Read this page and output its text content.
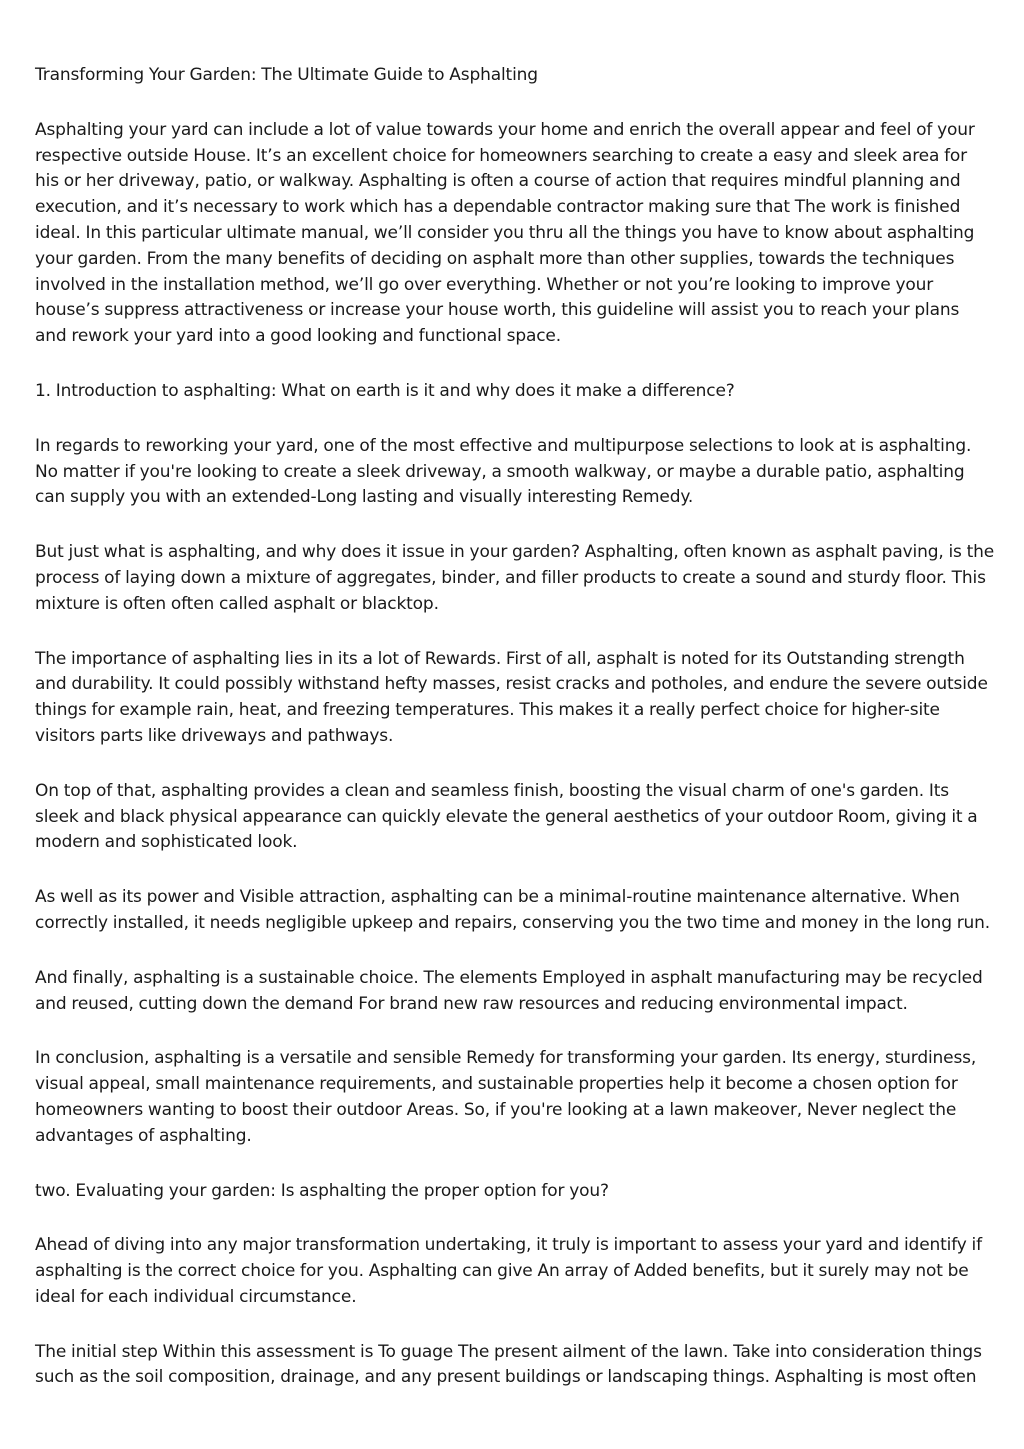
Transforming Your Garden: The Ultimate Guide to Asphalting

Asphalting your yard can include a lot of value towards your home and enrich the overall appear and feel of your respective outside House. It’s an excellent choice for homeowners searching to create a easy and sleek area for his or her driveway, patio, or walkway. Asphalting is often a course of action that requires mindful planning and execution, and it’s necessary to work which has a dependable contractor making sure that The work is finished ideal. In this particular ultimate manual, we’ll consider you thru all the things you have to know about asphalting your garden. From the many benefits of deciding on asphalt more than other supplies, towards the techniques involved in the installation method, we’ll go over everything. Whether or not you’re looking to improve your house’s suppress attractiveness or increase your house worth, this guideline will assist you to reach your plans and rework your yard into a good looking and functional space.

1. Introduction to asphalting: What on earth is it and why does it make a difference?

In regards to reworking your yard, one of the most effective and multipurpose selections to look at is asphalting. No matter if you're looking to create a sleek driveway, a smooth walkway, or maybe a durable patio, asphalting can supply you with an extended-Long lasting and visually interesting Remedy.

But just what is asphalting, and why does it issue in your garden? Asphalting, often known as asphalt paving, is the process of laying down a mixture of aggregates, binder, and filler products to create a sound and sturdy floor. This mixture is often often called asphalt or blacktop.

The importance of asphalting lies in its a lot of Rewards. First of all, asphalt is noted for its Outstanding strength and durability. It could possibly withstand hefty masses, resist cracks and potholes, and endure the severe outside things for example rain, heat, and freezing temperatures. This makes it a really perfect choice for higher-site visitors parts like driveways and pathways.

On top of that, asphalting provides a clean and seamless finish, boosting the visual charm of one's garden. Its sleek and black physical appearance can quickly elevate the general aesthetics of your outdoor Room, giving it a modern and sophisticated look.

As well as its power and Visible attraction, asphalting can be a minimal-routine maintenance alternative. When correctly installed, it needs negligible upkeep and repairs, conserving you the two time and money in the long run.

And finally, asphalting is a sustainable choice. The elements Employed in asphalt manufacturing may be recycled and reused, cutting down the demand For brand new raw resources and reducing environmental impact.

In conclusion, asphalting is a versatile and sensible Remedy for transforming your garden. Its energy, sturdiness, visual appeal, small maintenance requirements, and sustainable properties help it become a chosen option for homeowners wanting to boost their outdoor Areas. So, if you're looking at a lawn makeover, Never neglect the advantages of asphalting.

two. Evaluating your garden: Is asphalting the proper option for you?

Ahead of diving into any major transformation undertaking, it truly is important to assess your yard and identify if asphalting is the correct choice for you. Asphalting can give An array of Added benefits, but it surely may not be ideal for each individual circumstance.

The initial step Within this assessment is To guage The present ailment of the lawn. Take into consideration things such as the soil composition, drainage, and any present buildings or landscaping things. Asphalting is most often
